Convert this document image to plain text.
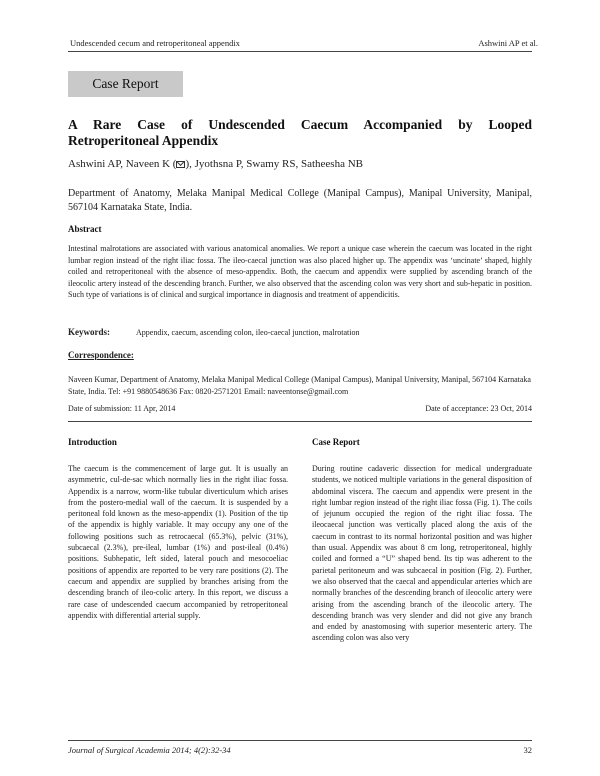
Undescended cecum and retroperitoneal appendix	Ashwini AP et al.
Case Report
A Rare Case of Undescended Caecum Accompanied by Looped
Retroperitoneal Appendix
Ashwini AP, Naveen K ( ), Jyothsna P, Swamy RS, Satheesha NB
Department of Anatomy, Melaka Manipal Medical College (Manipal Campus), Manipal University, Manipal, 567104 Karnataka State, India.
Abstract
Intestinal malrotations are associated with various anatomical anomalies. We report a unique case wherein the caecum was located in the right lumbar region instead of the right iliac fossa. The ileo-caecal junction was also placed higher up. The appendix was ‘uncinate’ shaped, highly coiled and retroperitoneal with the absence of meso-appendix. Both, the caecum and appendix were supplied by ascending branch of the ileocolic artery instead of the descending branch. Further, we also observed that the ascending colon was very short and sub-hepatic in position. Such type of variations is of clinical and surgical importance in diagnosis and treatment of appendicitis.
Keywords:	Appendix, caecum, ascending colon, ileo-caecal junction, malrotation
Correspondence:
Naveen Kumar, Department of Anatomy, Melaka Manipal Medical College (Manipal Campus), Manipal University, Manipal, 567104 Karnataka State, India. Tel: +91 9880548636 Fax: 0820-2571201 Email: naveentonse@gmail.com
Date of submission: 11 Apr, 2014	Date of acceptance: 23 Oct, 2014
Introduction
The caecum is the commencement of large gut. It is usually an asymmetric, cul-de-sac which normally lies in the right iliac fossa. Appendix is a narrow, worm-like tubular diverticulum which arises from the postero-medial wall of the caecum. It is suspended by a peritoneal fold known as the meso-appendix (1). Position of the tip of the appendix is highly variable. It may occupy any one of the following positions such as retrocaecal (65.3%), pelvic (31%), subcaecal (2.3%), pre-ileal, lumbar (1%) and post-ileal (0.4%) positions. Subhepatic, left sided, lateral pouch and mesocoeliac positions of appendix are reported to be very rare positions (2). The caecum and appendix are supplied by branches arising from the descending branch of ileo-colic artery. In this report, we discuss a rare case of undescended caecum accompanied by retroperitoneal appendix with differential arterial supply.
Case Report
During routine cadaveric dissection for medical undergraduate students, we noticed multiple variations in the general disposition of abdominal viscera. The caecum and appendix were present in the right lumbar region instead of the right iliac fossa (Fig. 1). The coils of jejunum occupied the region of the right iliac fossa. The ileocaecal junction was vertically placed along the axis of the caecum in contrast to its normal horizontal position and was higher than usual. Appendix was about 8 cm long, retroperitoneal, highly coiled and formed a “U” shaped bend. Its tip was adherent to the parietal peritoneum and was subcaecal in position (Fig. 2). Further, we also observed that the caecal and appendicular arteries which are normally branches of the descending branch of ileocolic artery were arising from the ascending branch of the ileocolic artery. The descending branch was very slender and did not give any branch and ended by anastomosing with superior mesenteric artery. The ascending colon was also very
Journal of Surgical Academia 2014; 4(2):32-34	32
